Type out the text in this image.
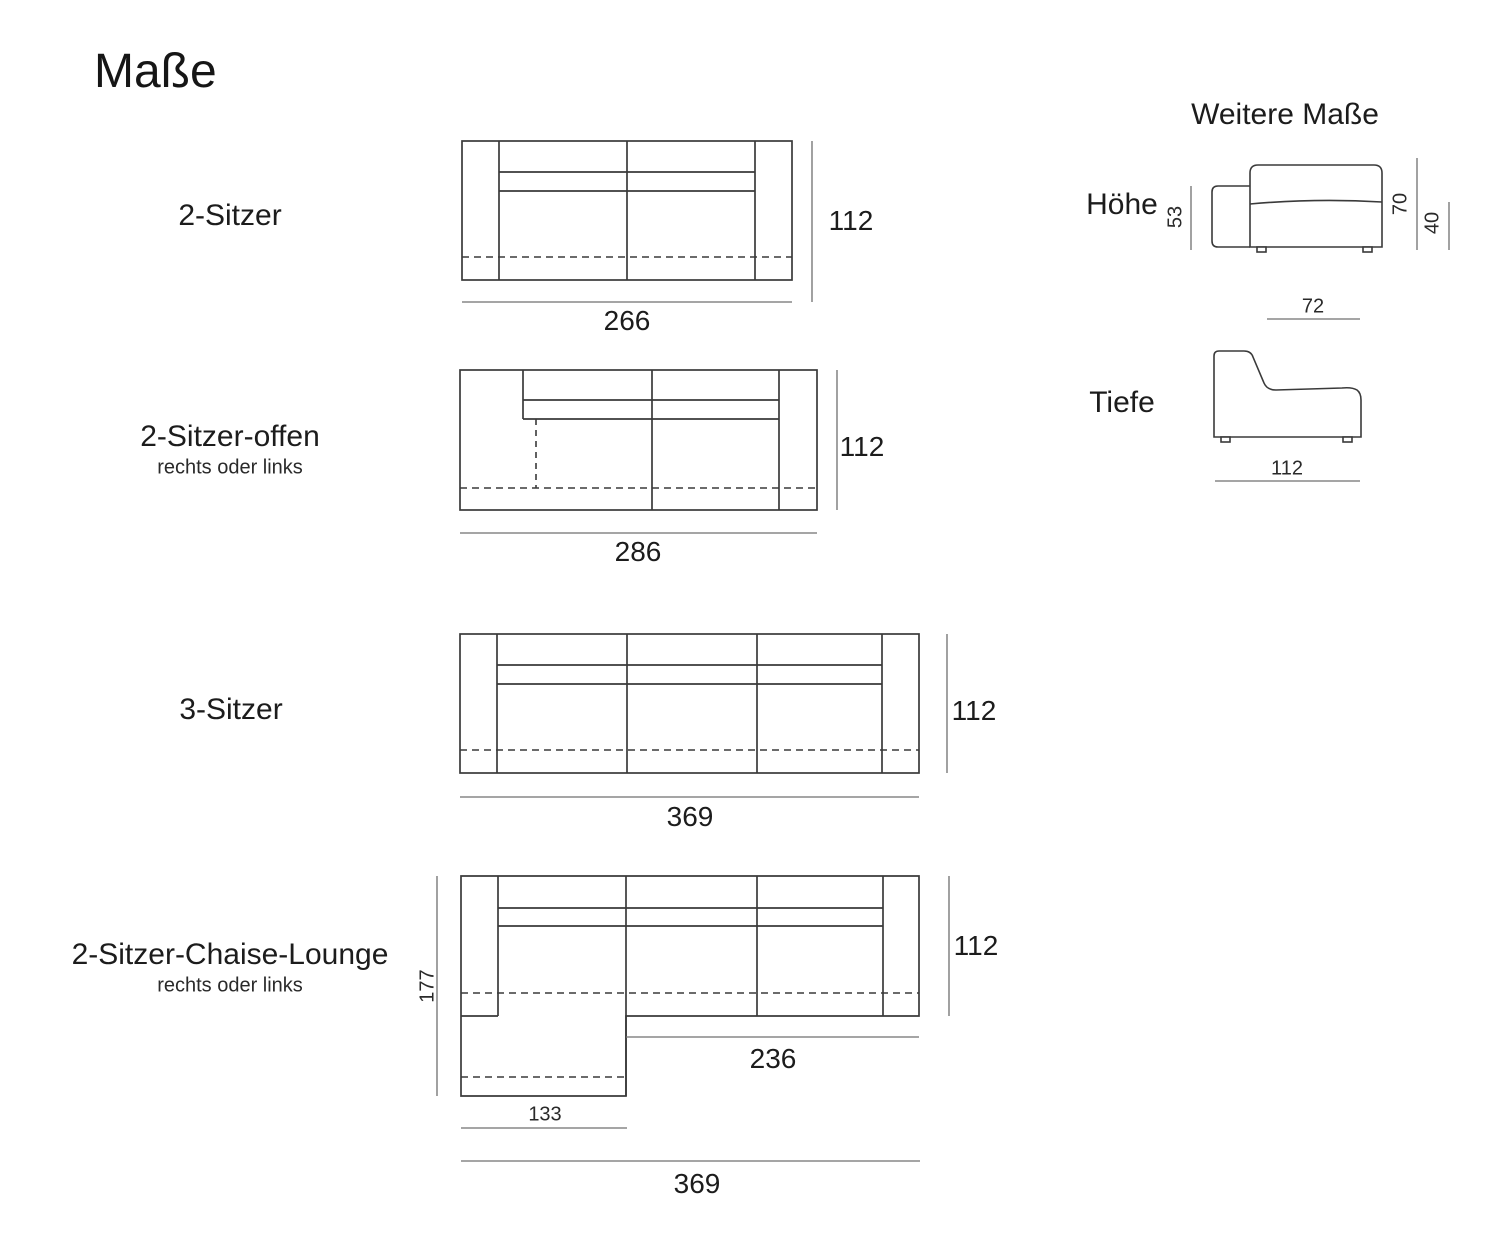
Maße
2-Sitzer
2-Sitzer-offen
rechts oder links
3-Sitzer
2-Sitzer-Chaise-Lounge
rechts oder links
112
266
112
286
112
369
177
112
236
133
369
Weitere Maße
Höhe 53
70
40
72
Tiefe
112
